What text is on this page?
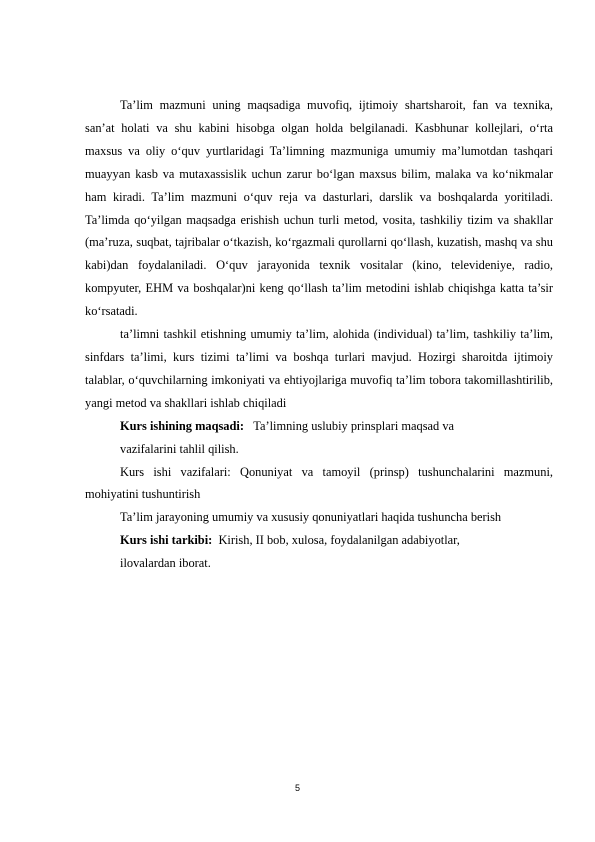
Ta’lim mazmuni uning maqsadiga muvofiq, ijtimoiy shartsharoit, fan va texnika, san’at holati va shu kabini hisobga olgan holda belgilanadi. Kasbhunar kollejlari, o‘rta maxsus va oliy o‘quv yurtlaridagi Ta’limning mazmuniga umumiy ma’lumotdan tashqari muayyan kasb va mutaxassislik uchun zarur bo‘lgan maxsus bilim, malaka va ko‘nikmalar ham kiradi. Ta’lim mazmuni o‘quv reja va dasturlari, darslik va boshqalarda yoritiladi. Ta’limda qo‘yilgan maqsadga erishish uchun turli metod, vosita, tashkiliy tizim va shakllar (ma’ruza, suqbat, tajribalar o‘tkazish, ko‘rgazmali qurollarni qo‘llash, kuzatish, mashq va shu kabi)dan foydalaniladi. O‘quv jarayonida texnik vositalar (kino, televideniye, radio, kompyuter, EHM va boshqalar)ni keng qo‘llash ta’lim metodini ishlab chiqishga katta ta’sir ko‘rsatadi.

ta’limni tashkil etishning umumiy ta’lim, alohida (individual) ta’lim, tashkiliy ta’lim, sinfdars ta’limi, kurs tizimi ta’limi va boshqa turlari mavjud. Hozirgi sharoitda ijtimoiy talablar, o‘quvchilarning imkoniyati va ehtiyojlariga muvofiq ta’lim tobora takomillashtirilib, yangi metod va shakllari ishlab chiqiladi

Kurs ishining maqsadi: Ta’limning uslubiy prinsplari maqsad va

vazifalarini tahlil qilish.

Kurs ishi vazifalari: Qonuniyat va tamoyil (prinsp) tushunchalarini mazmuni, mohiyatini tushuntirish

Ta’lim jarayoning umumiy va xususiy qonuniyatlari haqida tushuncha berish

Kurs ishi tarkibi: Kirish, II bob, xulosa, foydalanilgan adabiyotlar,

ilovalardan iborat.

5
